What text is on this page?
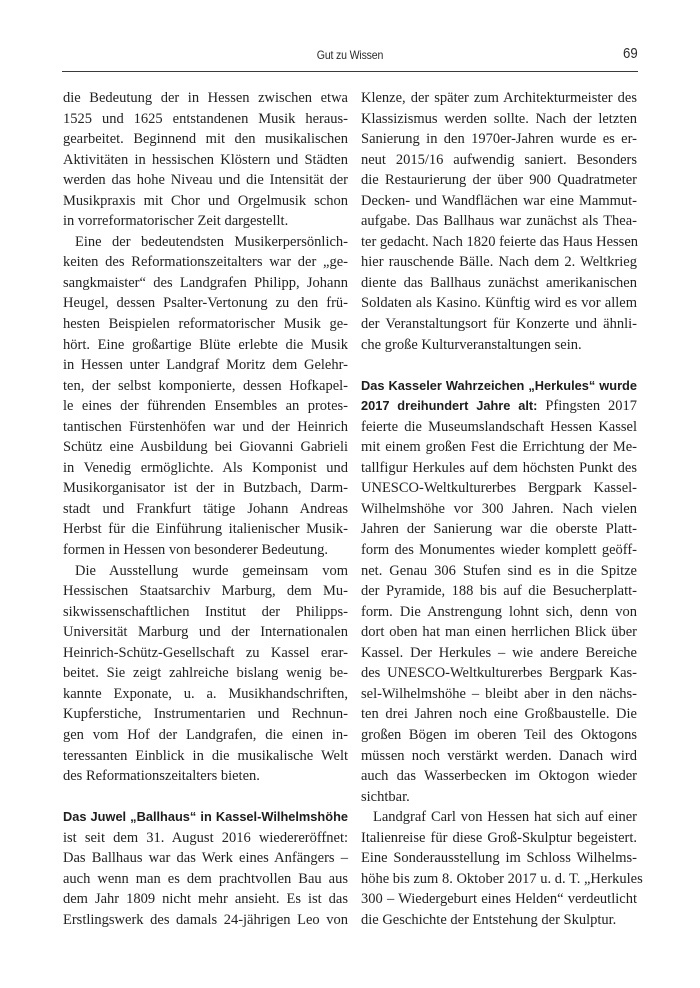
Gut zu Wissen	69
die Bedeutung der in Hessen zwischen etwa
1525 und 1625 entstandenen Musik heraus-
gearbeitet. Beginnend mit den musikalischen
Aktivitäten in hessischen Klöstern und Städten
werden das hohe Niveau und die Intensität der
Musikpraxis mit Chor und Orgelmusik schon
in vorreformatorischer Zeit dargestellt.
Eine der bedeutendsten Musikerpersönlich-
keiten des Reformationszeitalters war der „ge-
sangkmaister“ des Landgrafen Philipp, Johann
Heugel, dessen Psalter-Vertonung zu den frü-
hesten Beispielen reformatorischer Musik ge-
hört. Eine großartige Blüte erlebte die Musik
in Hessen unter Landgraf Moritz dem Gelehr-
ten, der selbst komponierte, dessen Hofkapel-
le eines der führenden Ensembles an protes-
tantischen Fürstenhöfen war und der Heinrich
Schütz eine Ausbildung bei Giovanni Gabrieli
in Venedig ermöglichte. Als Komponist und
Musikorganisator ist der in Butzbach, Darm-
stadt und Frankfurt tätige Johann Andreas
Herbst für die Einführung italienischer Musik-
formen in Hessen von besonderer Bedeutung.
Die Ausstellung wurde gemeinsam vom
Hessischen Staatsarchiv Marburg, dem Mu-
sikwissenschaftlichen Institut der Philipps-
Universität Marburg und der Internationalen
Heinrich-Schütz-Gesellschaft zu Kassel erar-
beitet. Sie zeigt zahlreiche bislang wenig be-
kannte Exponate, u. a. Musikhandschriften,
Kupferstiche, Instrumentarien und Rechnun-
gen vom Hof der Landgrafen, die einen in-
teressanten Einblick in die musikalische Welt
des Reformationszeitalters bieten.
Das Juwel „Ballhaus“ in Kassel-Wilhelmshöhe
ist seit dem 31. August 2016 wiedereröffnet:
Das Ballhaus war das Werk eines Anfängers –
auch wenn man es dem prachtvollen Bau aus
dem Jahr 1809 nicht mehr ansieht. Es ist das
Erstlingswerk des damals 24-jährigen Leo von
Klenze, der später zum Architekturmeister des
Klassizismus werden sollte. Nach der letzten
Sanierung in den 1970er-Jahren wurde es er-
neut 2015/16 aufwendig saniert. Besonders
die Restaurierung der über 900 Quadratmeter
Decken- und Wandflächen war eine Mammut-
aufgabe. Das Ballhaus war zunächst als Thea-
ter gedacht. Nach 1820 feierte das Haus Hessen
hier rauschende Bälle. Nach dem 2. Weltkrieg
diente das Ballhaus zunächst amerikanischen
Soldaten als Kasino. Künftig wird es vor allem
der Veranstaltungsort für Konzerte und ähnli-
che große Kulturveranstaltungen sein.
Das Kasseler Wahrzeichen „Herkules“ wurde
2017 dreihundert Jahre alt: Pfingsten 2017
feierte die Museumslandschaft Hessen Kassel
mit einem großen Fest die Errichtung der Me-
tallfigur Herkules auf dem höchsten Punkt des
UNESCO-Weltkulturerbes Bergpark Kassel-
Wilhelmshöhe vor 300 Jahren. Nach vielen
Jahren der Sanierung war die oberste Platt-
form des Monumentes wieder komplett geöff-
net. Genau 306 Stufen sind es in die Spitze
der Pyramide, 188 bis auf die Besucherplatt-
form. Die Anstrengung lohnt sich, denn von
dort oben hat man einen herrlichen Blick über
Kassel. Der Herkules – wie andere Bereiche
des UNESCO-Weltkulturerbes Bergpark Kas-
sel-Wilhelmshöhe – bleibt aber in den nächs-
ten drei Jahren noch eine Großbaustelle. Die
großen Bögen im oberen Teil des Oktogons
müssen noch verstärkt werden. Danach wird
auch das Wasserbecken im Oktogon wieder
sichtbar.
Landgraf Carl von Hessen hat sich auf einer
Italienreise für diese Groß-Skulptur begeistert.
Eine Sonderausstellung im Schloss Wilhelms-
höhe bis zum 8. Oktober 2017 u. d. T. „Herkules
300 – Wiedergeburt eines Helden“ verdeutlicht
die Geschichte der Entstehung der Skulptur.
